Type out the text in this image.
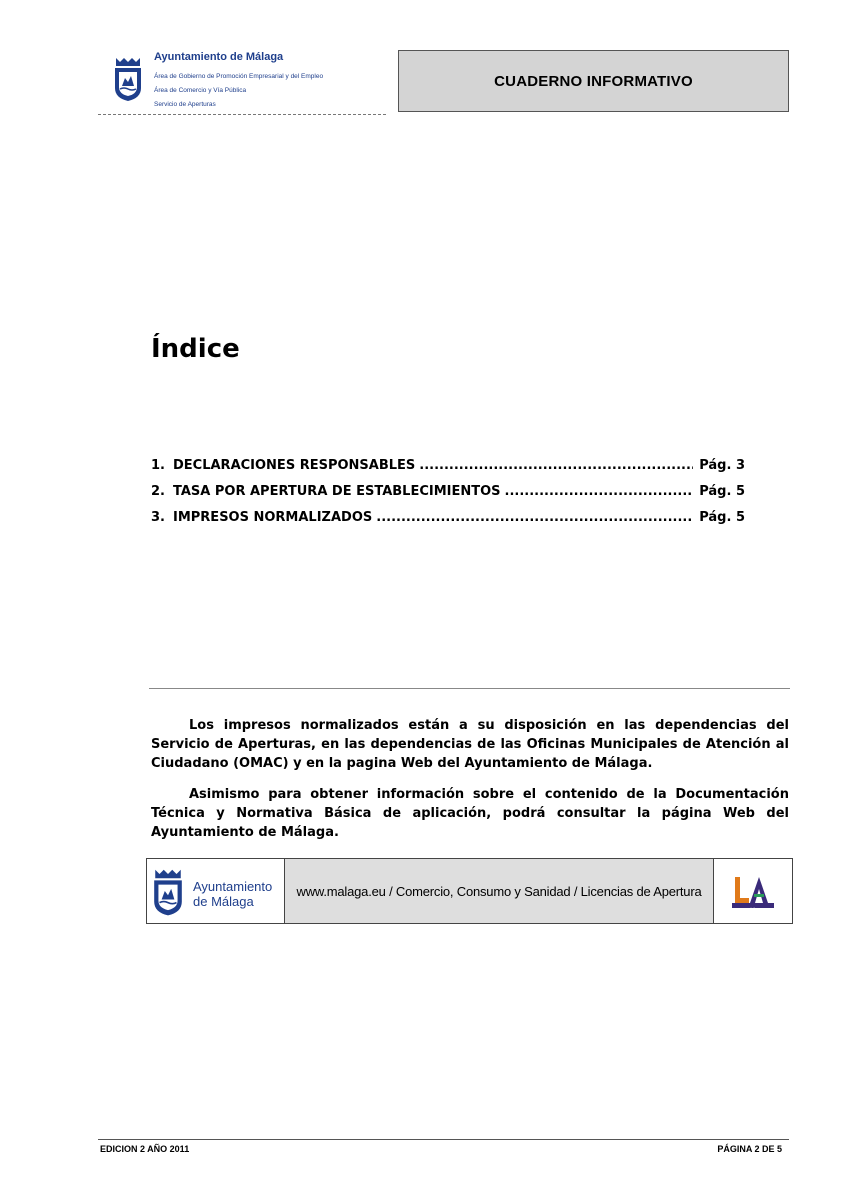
Ayuntamiento de Málaga
Área de Gobierno de Promoción Empresarial y del Empleo
Área de Comercio y Vía Pública
Servicio de Aperturas
CUADERNO INFORMATIVO
Índice
1. DECLARACIONES RESPONSABLES .....	Pág. 3
2. TASA POR APERTURA DE ESTABLECIMIENTOS .....	Pág. 5
3. IMPRESOS NORMALIZADOS .....	Pág. 5
Los impresos normalizados están a su disposición en las dependencias del Servicio de Aperturas, en las dependencias de las Oficinas Municipales de Atención al Ciudadano (OMAC) y en la pagina Web del Ayuntamiento de Málaga.
Asimismo para obtener información sobre el contenido de la Documentación Técnica y Normativa Básica de aplicación, podrá consultar la página Web del Ayuntamiento de Málaga.
Ayuntamiento
de Málaga
www.malaga.eu / Comercio, Consumo y Sanidad / Licencias de Apertura
LA
EDICION 2 AÑO 2011	PÁGINA 2 DE 5
